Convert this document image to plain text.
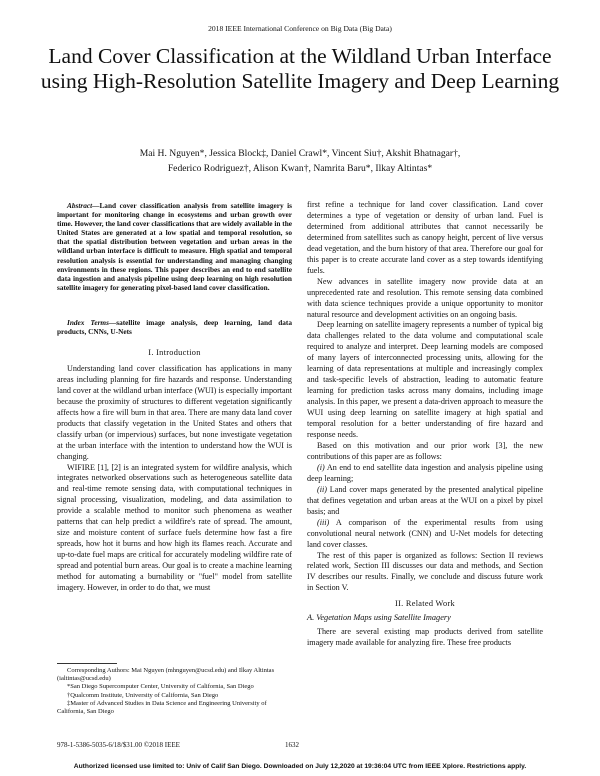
2018 IEEE International Conference on Big Data (Big Data)
Land Cover Classification at the Wildland Urban Interface using High-Resolution Satellite Imagery and Deep Learning
Mai H. Nguyen*, Jessica Block‡, Daniel Crawl*, Vincent Siu†, Akshit Bhatnagar†,
Federico Rodriguez†, Alison Kwan†, Namrita Baru*, Ilkay Altintas*

Abstract—Land cover classification analysis from satellite imagery is important for monitoring change in ecosystems and urban growth over time. However, the land cover classifications that are widely available in the United States are generated at a low spatial and temporal resolution, so that the spatial distribution between vegetation and urban areas in the wildland urban interface is difficult to measure. High spatial and temporal resolution analysis is essential for understanding and managing changing environments in these regions. This paper describes an end to end satellite data ingestion and analysis pipeline using deep learning on high resolution satellite imagery for generating pixel-based land cover classification.

Index Terms—satellite image analysis, deep learning, land data products, CNNs, U-Nets

I. Introduction

Understanding land cover classification has applications in many areas including planning for fire hazards and response. Understanding land cover at the wildland urban interface (WUI) is especially important because the proximity of structures to different vegetation significantly affects how a fire will burn in that area. There are many data land cover products that classify vegetation in the United States and others that classify urban (or impervious) surfaces, but none investigate vegetation at the urban interface with the intention to understand how the WUI is changing.

WIFIRE [1], [2] is an integrated system for wildfire analysis, which integrates networked observations such as heterogeneous satellite data and real-time remote sensing data, with computational techniques in signal processing, visualization, modeling, and data assimilation to provide a scalable method to monitor such phenomena as weather patterns that can help predict a wildfire's rate of spread. The amount, size and moisture content of surface fuels determine how fast a fire spreads, how hot it burns and how high its flames reach. Accurate and up-to-date fuel maps are critical for accurately modeling wildfire rate of spread and potential burn areas. Our goal is to create a machine learning method for automating a burnability or "fuel" model from satellite imagery. However, in order to do that, we must

Corresponding Authors: Mai Nguyen (mhnguyen@ucsd.edu) and Ilkay Altintas (ialtintas@ucsd.edu)

*San Diego Supercomputer Center, University of California, San Diego

†Qualcomm Institute, University of California, San Diego

‡Master of Advanced Studies in Data Science and Engineering University of California, San Diego

first refine a technique for land cover classification. Land cover determines a type of vegetation or density of urban land. Fuel is determined from additional attributes that cannot necessarily be determined from satellites such as canopy height, percent of live versus dead vegetation, and the burn history of that area. Therefore our goal for this paper is to create accurate land cover as a step towards identifying fuels.

New advances in satellite imagery now provide data at an unprecedented rate and resolution. This remote sensing data combined with data science techniques provide a unique opportunity to monitor natural resource and development activities on an ongoing basis.

Deep learning on satellite imagery represents a number of typical big data challenges related to the data volume and computational scale required to analyze and interpret. Deep learning models are composed of many layers of interconnected processing units, allowing for the learning of data representations at multiple and increasingly complex and task-specific levels of abstraction, leading to automatic feature learning for prediction tasks across many domains, including image analysis. In this paper, we present a data-driven approach to measure the WUI using deep learning on satellite imagery at high spatial and temporal resolution for a better understanding of fire hazard and response needs.

Based on this motivation and our prior work [3], the new contributions of this paper are as follows:

(i) An end to end satellite data ingestion and analysis pipeline using deep learning;

(ii) Land cover maps generated by the presented analytical pipeline that defines vegetation and urban areas at the WUI on a pixel by pixel basis; and

(iii) A comparison of the experimental results from using convolutional neural network (CNN) and U-Net models for detecting land cover classes.

The rest of this paper is organized as follows: Section II reviews related work, Section III discusses our data and methods, and Section IV describes our results. Finally, we conclude and discuss future work in Section V.

II. Related Work
A. Vegetation Maps using Satellite Imagery

There are several existing map products derived from satellite imagery made available for analyzing fire. These free products

978-1-5386-5035-6/18/$31.00 ©2018 IEEE	1632
Authorized licensed use limited to: Univ of Calif San Diego. Downloaded on July 12,2020 at 19:36:04 UTC from IEEE Xplore. Restrictions apply.
